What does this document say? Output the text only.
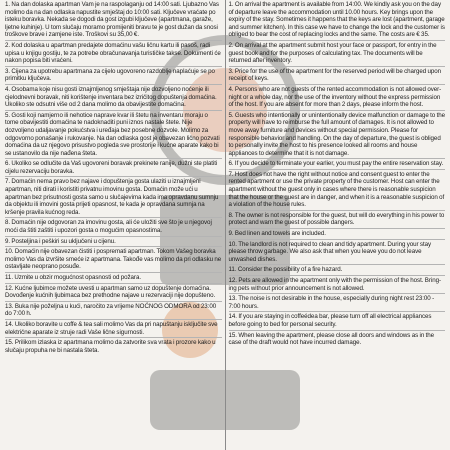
1. Na dan dolaska apartman Vam je na raspolaganju od 14:00 sati. Ljubazno Vas molimo da na dan odlaska napustite smještaj do 10:00 sati. Ključeve vraćate po isteku boravka. Nekada se dogodi da gost izgubi ključeve (apartmana, garaže, ljetne kuhinje). U tom slučaju moramo promijeniti bravu te je gost dužan da snosi troškove brave i zamjene iste. Troškovi su 35,00 €.
2. Kod dolaska u apartman predajete domaćinu vašu ličnu kartu ili pasoš, radi upisa u knjigu gostiju, te za potrebe obračunavanja turističke takse. Dokumenti će nakon popisa biti vraćeni.
3. Cijena za upotrebu apartmana za cijelo ugovoreno razdoblje naplaćuje se po primitku ključeva.
4. Osobama koje nisu gosti iznajmljenog smještaja nije dozvoljeno noćenje ili cjelodnevni boravak, niti korištenje inventara bez izričitog dopuštenja domaćina. Ukoliko ste odsutni više od 2 dana molimo da obavijestite domaćina.
5. Gosti koji namjerno ili nehotice naprave kvar ili štetu na inventaru moraju o tome obavijestiti domaćina te nadoknaditi puni iznos nastale štete. Nije dozvoljeno udaljavanje pokućstva i uređaja bez posebne dozvole. Molimo za odgovorno ponašanje i rukovanje. Na dan odlaska gost je obavezan lično pozvati domaćina da uz njegovo prisustvo pogleda sve prostorije i kućne aparate kako bi se ustanovilo da nije nađena šteta.
6. Ukoliko se odlučite da Vaš ugovoreni boravak prekinete ranije, dužni ste platiti cijelu rezervaciju boravka.
7. Domaćin nema pravo bez najave i dopuštenja gosta ulaziti u iznajmljeni apartman, niti dirati i koristiti privatnu imovinu gosta. Domaćin može ući u apartman bez prisutnosti gosta samo u slučajevima kada ima opravdanu sumnju da objektu ili imovini gosta prijeti opasnost, te kada je opravdana sumnja na kršenje pravila kućnog reda.
8. Domaćin nije odgovoran za imovinu gosta, ali će uložiti sve što je u njegovoj moći da štiti zaštiti i upozori gosta o mogućim opasnostima.
9. Posteljina i peškiri su uključeni u cijenu.
10. Domaćin nije obavezan čistiti i pospremati apartman. Tokom Vašeg boravka molimo Vas da izvršite smeće iz apartmana. Takođe vas molimo da pri odlasku ne ostavljate neoprano posuđe.
11. Uzmite u obzir mogućnost opasnosti od požara.
12. Kućne ljubimce možete uvesti u apartman samo uz dopuštenje domaćina. Dovođenje kućnih ljubimaca bez prethodne najave u rezervaciji nije dopušteno.
13. Buka nije poželjna u kući, naročito za vrijeme NOĆNOG ODMORA od 23:00 do 7:00 h.
14. Ukoliko boravite u coffe & tea sali molimo Vas da pri napuštanju isključite sve električne aparate iz struje radi Vaše lične sigurnosti.
15. Prilikom izlaska iz apartmana molimo da zatvorite sva vrata i prozore kako u slučaju propuha ne bi nastala šteta.
1. On arrival the apartment is available from 14:00. We kindly ask you on the day of departure leave the accommodation until 10.00 hours. Key brings upon the expiry of the stay. Sometimes it happens that the keys are lost (apartment, garage and summer kitchen). In this case we have to change the lock and the customer is obliged to bear the cost of replacing locks and the same. The costs are € 35.
2. On arrival at the apartment submit host your face or passport, for entry in the guest book and for the purposes of calculating tax. The documents will be returned after inventory.
3. Price for the use of the apartment for the reserved period will be charged upon receipt of keys.
4. Persons who are not guests of the rented accommodation is not allowed over-night or a whole day, nor the use of the inventory without the express permission of the host. If you are absent for more than 2 days, please inform the host.
5. Guests who intentionally or unintentionally device malfunction or damage to the property will have to reimburse the full amount of damages. It is not allowed to move away furniture and devices without special permission. Please for responsible behavior and handling. On the day of departure, the guest is obliged to personally invite the host to his presence looked all rooms and house appliances to determine that it is not damage.
6. If you decide to terminate your earlier, you must pay the entire reservation stay.
7. Host does not have the right without notice and consent guest to enter the rented apartment or use the private property of the customer. Host can enter the apartment without the guest only in cases where there is reasonable suspicion that the house or the guest are in danger, and when it is a reasonable suspicion of a violation of the house rules.
8. The owner is not responsible for the guest, but will do everything in his power to protect and warn the guest of possible dangers.
9. Bed linen and towels are included.
10. The landlord is not required to clean and tidy apartment. During your stay please throw garbage. We also ask that when you leave you do not leave unwashed dishes.
11. Consider the possibility of a fire hazard.
12. Pets are allowed in the apartment only with the permission of the host. Bring-ing pets without prior announcement is not allowed.
13. The noise is not desirable in the house, especially during night rest 23:00 - 7:00 hours.
14. If you are staying in coffeédea bar, please turn off all electrical appliances before going to bed for personal security.
15. When leaving the apartment, please close all doors and windows as in the case of the draft would not have incurred damage.
